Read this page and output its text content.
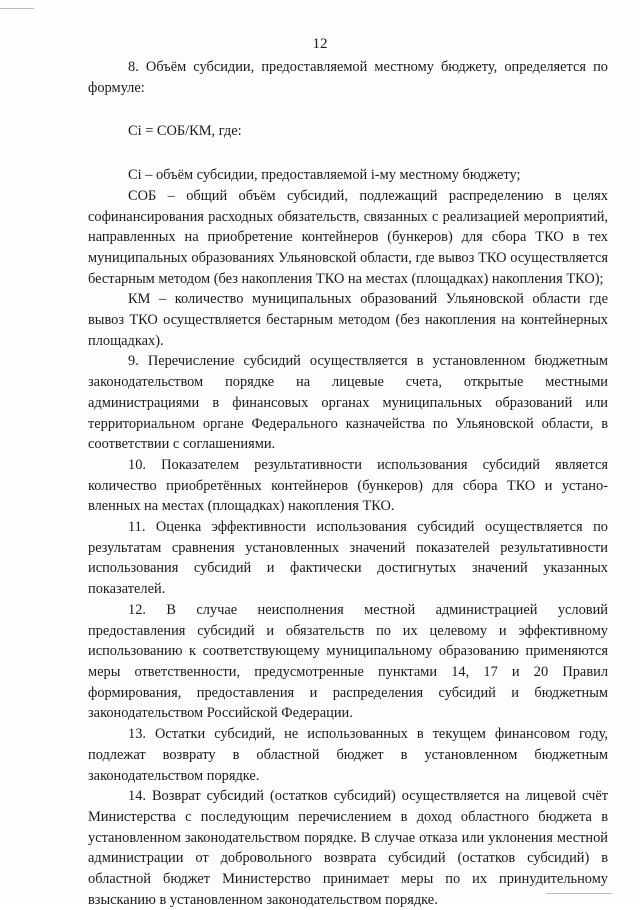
12

8. Объём субсидии, предоставляемой местному бюджету, определяется по формуле:

Ci = СОБ/КМ, где:

Ci – объём субсидии, предоставляемой i-му местному бюджету;

СОБ – общий объём субсидий, подлежащий распределению в целях софинансирования расходных обязательств, связанных с реализацией мероприятий, направленных на приобретение контейнеров (бункеров) для сбора ТКО в тех муниципальных образованиях Ульяновской области, где вывоз ТКО осуществляется бестарным методом (без накопления ТКО на местах (площадках) накопления ТКО);

КМ – количество муниципальных образований Ульяновской области где вывоз ТКО осуществляется бестарным методом (без накопления на контейнерных площадках).

9. Перечисление субсидий осуществляется в установленном бюджетным законодательством порядке на лицевые счета, открытые местными администрациями в финансовых органах муниципальных образований или территориальном органе Федерального казначейства по Ульяновской области, в соответствии с соглашениями.

10. Показателем результативности использования субсидий является количество приобретённых контейнеров (бункеров) для сбора ТКО и установленных на местах (площадках) накопления ТКО.

11. Оценка эффективности использования субсидий осуществляется по результатам сравнения установленных значений показателей результативности использования субсидий и фактически достигнутых значений указанных показателей.

12. В случае неисполнения местной администрацией условий предоставления субсидий и обязательств по их целевому и эффективному использованию к соответствующему муниципальному образованию применяются меры ответственности, предусмотренные пунктами 14, 17 и 20 Правил формирования, предоставления и распределения субсидий и бюджетным законодательством Российской Федерации.

13. Остатки субсидий, не использованных в текущем финансовом году, подлежат возврату в областной бюджет в установленном бюджетным законодательством порядке.

14. Возврат субсидий (остатков субсидий) осуществляется на лицевой счёт Министерства с последующим перечислением в доход областного бюджета в установленном законодательством порядке. В случае отказа или уклонения местной администрации от добровольного возврата субсидий (остатков субсидий) в областной бюджет Министерство принимает меры по их принудительному взысканию в установленном законодательством порядке.
